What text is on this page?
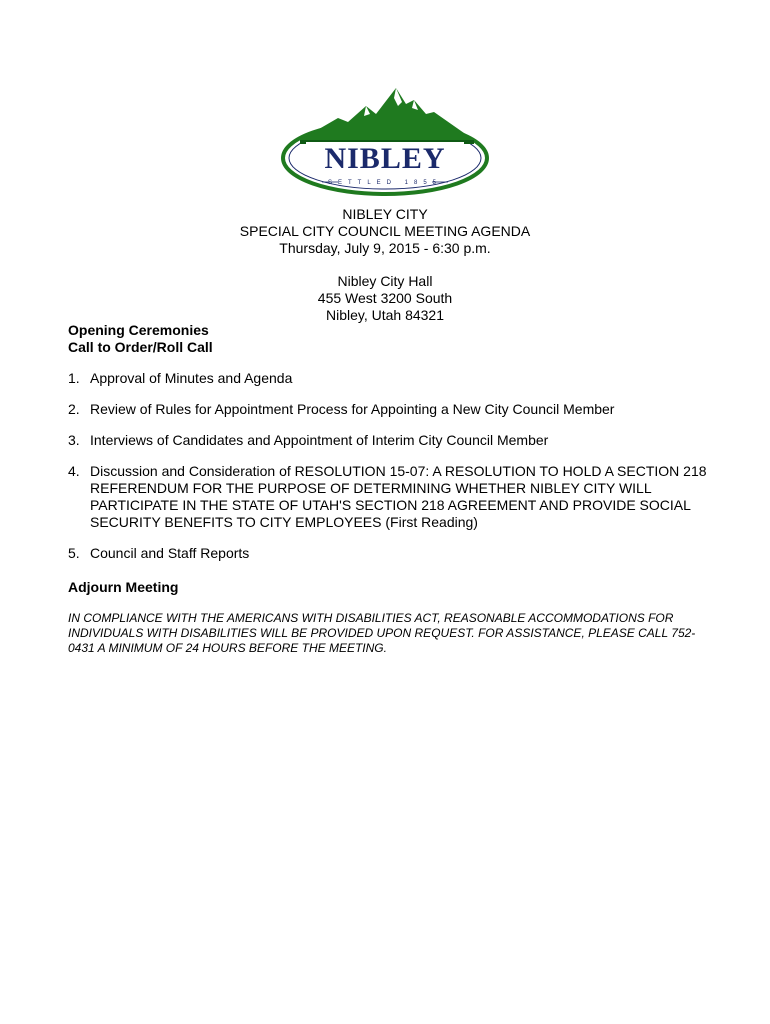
NIBLEY
SETTLED 1855
NIBLEY CITY
SPECIAL CITY COUNCIL MEETING AGENDA
Thursday, July 9, 2015 - 6:30 p.m.
Nibley City Hall
455 West 3200 South
Nibley, Utah 84321
Opening Ceremonies
Call to Order/Roll Call
1. Approval of Minutes and Agenda
2. Review of Rules for Appointment Process for Appointing a New City Council Member
3. Interviews of Candidates and Appointment of Interim City Council Member
4. Discussion and Consideration of RESOLUTION 15-07: A RESOLUTION TO HOLD A SECTION 218 REFERENDUM FOR THE PURPOSE OF DETERMINING WHETHER NIBLEY CITY WILL PARTICIPATE IN THE STATE OF UTAH'S SECTION 218 AGREEMENT AND PROVIDE SOCIAL SECURITY BENEFITS TO CITY EMPLOYEES (First Reading)
5. Council and Staff Reports
Adjourn Meeting
IN COMPLIANCE WITH THE AMERICANS WITH DISABILITIES ACT, REASONABLE ACCOMMODATIONS FOR INDIVIDUALS WITH DISABILITIES WILL BE PROVIDED UPON REQUEST. FOR ASSISTANCE, PLEASE CALL 752-0431 A MINIMUM OF 24 HOURS BEFORE THE MEETING.
